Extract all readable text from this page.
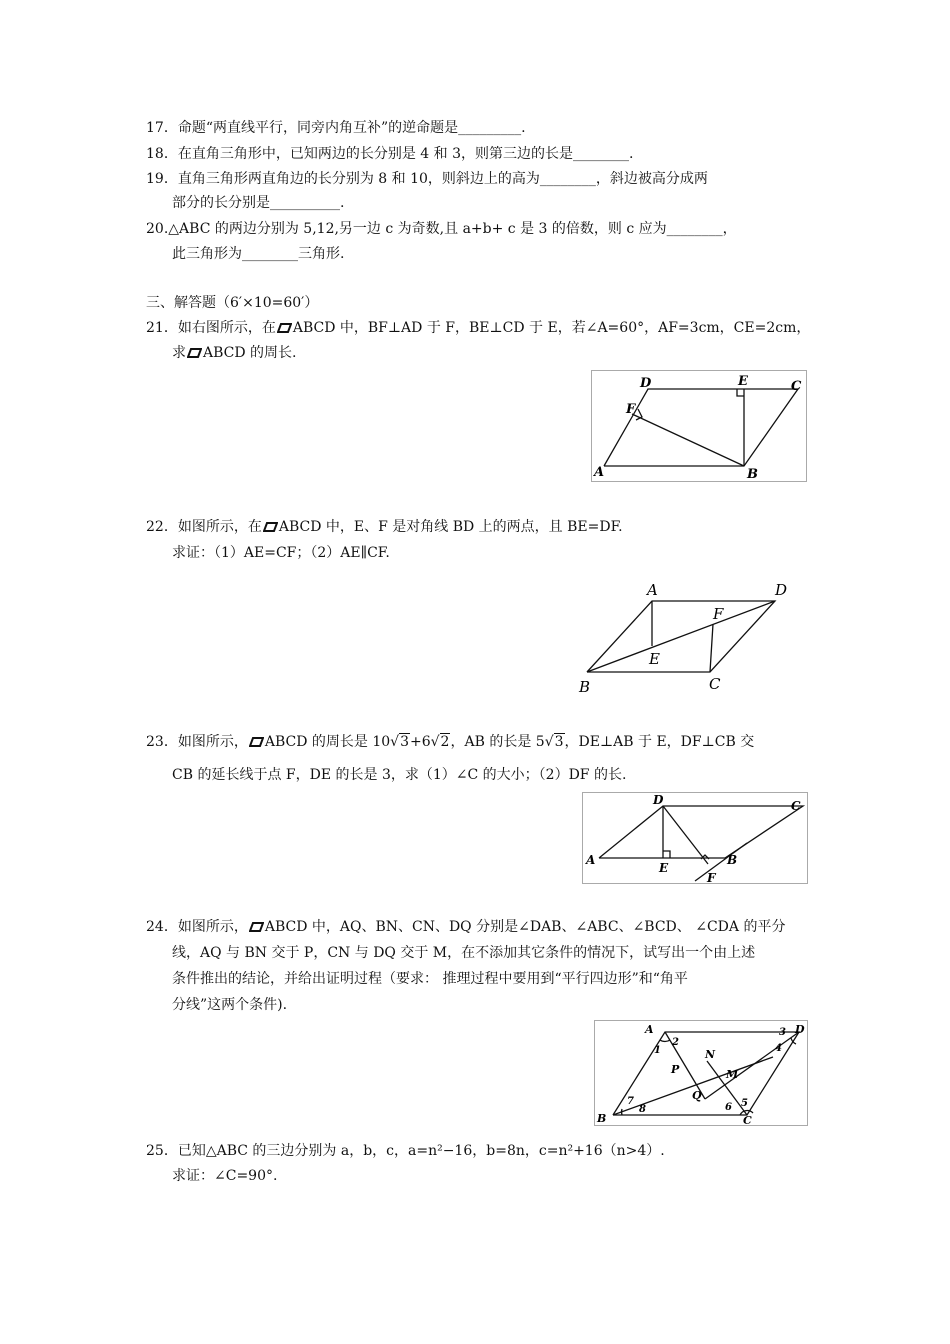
17．命题“两直线平行，同旁内角互补”的逆命题是_________.
18．在直角三角形中，已知两边的长分别是 4 和 3，则第三边的长是________.
19．直角三角形两直角边的长分别为 8 和 10，则斜边上的高为________，斜边被高分成两
部分的长分别是__________.
20.△ABC 的两边分别为 5,12,另一边 c 为奇数,且 a+b+ c 是 3 的倍数，则 c 应为________，
此三角形为________三角形.
三、解答题（6′×10=60′）
21．如右图所示，在 ABCD 中，BF⊥AD 于 F，BE⊥CD 于 E，若∠A=60°，AF=3cm，CE=2cm，
求 ABCD 的周长.
A	B
C
D	E
F
22．如图所示，在 ABCD 中，E、F 是对角线 BD 上的两点，且 BE=DF.
求证：（1）AE=CF；（2）AE∥CF.
B	C
A	D
E
F
23．如图所示， ABCD 的周长是 10√3+6√2，AB 的长是 5√3，DE⊥AB 于 E，DF⊥CB 交
CB 的延长线于点 F，DE 的长是 3，求（1）∠C 的大小；（2）DF 的长.
A	B
C
D
E
F
24．如图所示， ABCD 中，AQ、BN、CN、DQ 分别是∠DAB、∠ABC、∠BCD、 ∠CDA 的平分
线，AQ 与 BN 交于 P，CN 与 DQ 交于 M，在不添加其它条件的情况下，试写出一个由上述
条件推出的结论，并给出证明过程（要求： 推理过程中要用到“平行四边形”和“角平
分线”这两个条件).
A	D
B	C
N
P
Q
M
1
2
3
4
5
6
7
8
25．已知△ABC 的三边分别为 a，b，c，a=n²−16，b=8n，c=n²+16（n>4）.
求证：∠C=90°.
